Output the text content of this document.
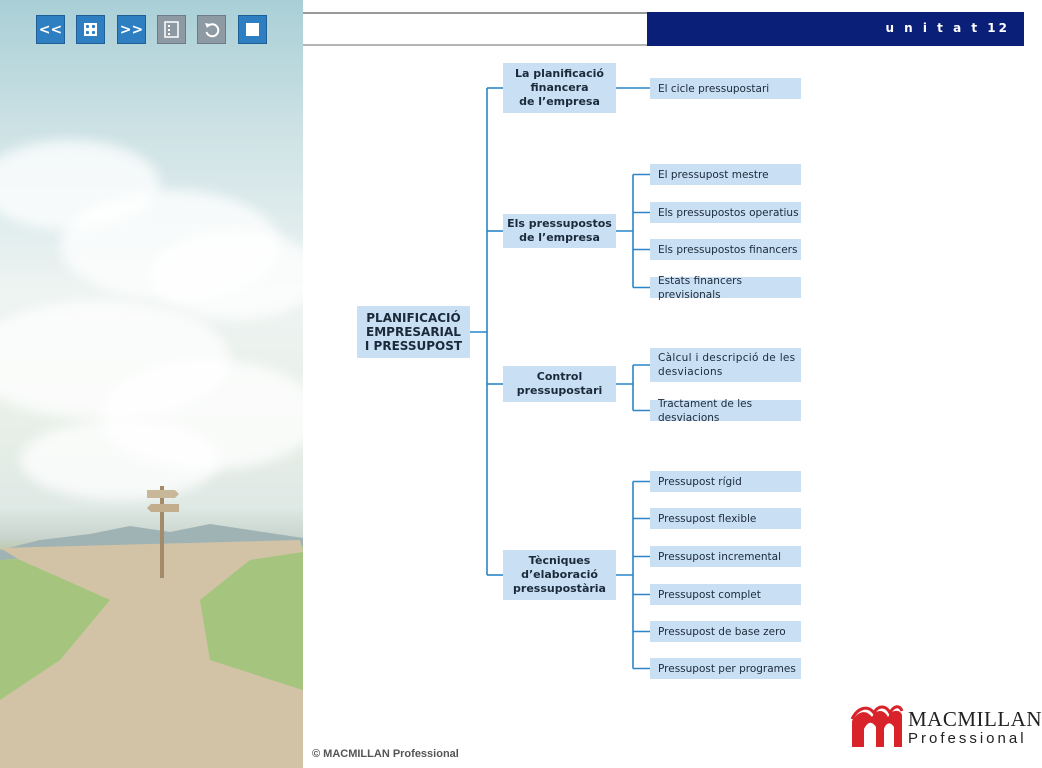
<<	>>	u n i t a t 12
PLANIFICACIÓ
EMPRESARIAL
I PRESSUPOST
La planificació
financera
de l’empresa
El cicle pressupostari
Els pressupostos
de l’empresa
El pressupost mestre
Els pressupostos operatius
Els pressupostos financers
Estats financers previsionals
Control
pressupostari
Càlcul i descripció de les
desviacions
Tractament de les desviacions
Tècniques
d’elaboració
pressupostària
Pressupost rígid
Pressupost flexible
Pressupost incremental
Pressupost complet
Pressupost de base zero
Pressupost per programes
© MACMILLAN Professional
MACMILLAN
Professional
